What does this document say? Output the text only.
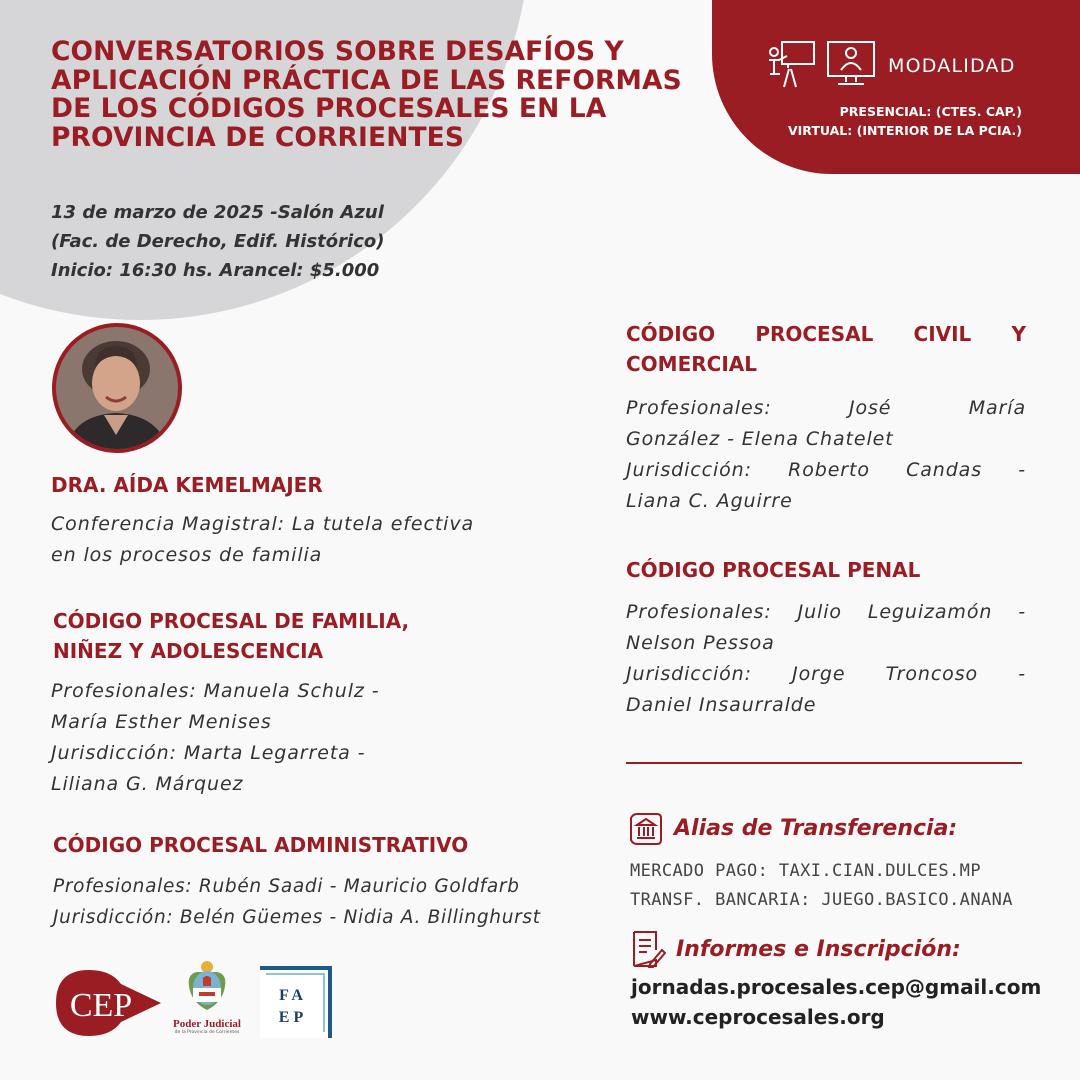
CONVERSATORIOS SOBRE DESAFÍOS Y
APLICACIÓN PRÁCTICA DE LAS REFORMAS
DE LOS CÓDIGOS PROCESALES EN LA
PROVINCIA DE CORRIENTES
13 de marzo de 2025 -Salón Azul
(Fac. de Derecho, Edif. Histórico)
Inicio: 16:30 hs. Arancel: $5.000
MODALIDAD
PRESENCIAL: (CTES. CAP.)
VIRTUAL: (INTERIOR DE LA PCIA.)
DRA. AÍDA KEMELMAJER
Conferencia Magistral: La tutela efectiva
en los procesos de familia
CÓDIGO PROCESAL DE FAMILIA,
NIÑEZ Y ADOLESCENCIA
Profesionales: Manuela Schulz -
María Esther Menises
Jurisdicción: Marta Legarreta -
Liliana G. Márquez
CÓDIGO PROCESAL ADMINISTRATIVO
Profesionales: Rubén Saadi - Mauricio Goldfarb
Jurisdicción: Belén Güemes - Nidia A. Billinghurst
CÓDIGO PROCESAL CIVIL Y
COMERCIAL
Profesionales:	José	María
González - Elena Chatelet
Jurisdicción: Roberto Candas -
Liana C. Aguirre
CÓDIGO PROCESAL PENAL
Profesionales: Julio Leguizamón -
Nelson Pessoa
Jurisdicción: Jorge Troncoso -
Daniel Insaurralde
Alias de Transferencia:
MERCADO PAGO: TAXI.CIAN.DULCES.MP
TRANSF. BANCARIA: JUEGO.BASICO.ANANA
Informes e Inscripción:
jornadas.procesales.cep@gmail.com
www.ceprocesales.org
CEP	Poder Judicial
de la Provincia de Corrientes
F A
E P
